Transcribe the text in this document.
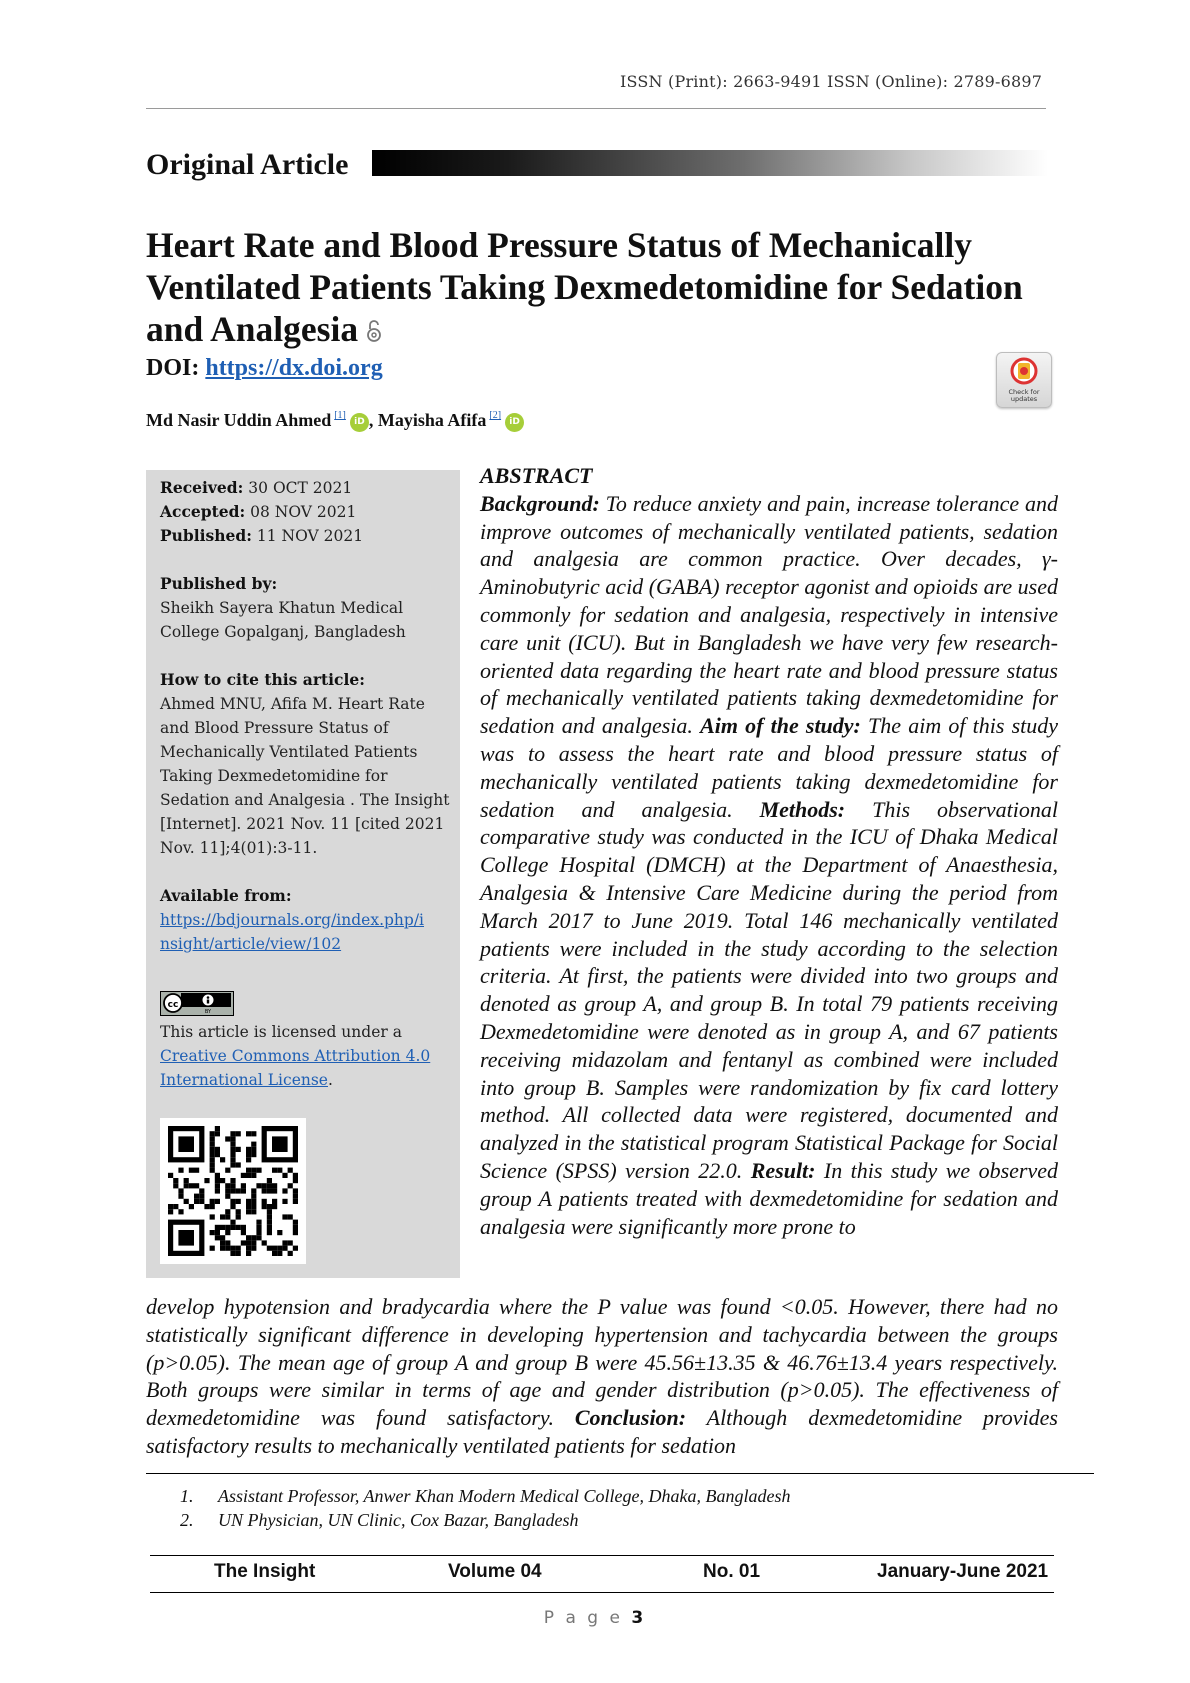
ISSN (Print): 2663-9491 ISSN (Online): 2789-6897
Original Article
Heart Rate and Blood Pressure Status of Mechanically Ventilated Patients Taking Dexmedetomidine for Sedation and Analgesia
DOI: https://dx.doi.org
Check for updates
Md Nasir Uddin Ahmed [1]iD , Mayisha Afifa [2]iD
Received: 30 OCT 2021
Accepted: 08 NOV 2021
Published: 11 NOV 2021
Published by:
Sheikh Sayera Khatun Medical
College Gopalganj, Bangladesh
How to cite this article:
Ahmed MNU, Afifa M. Heart Rate
and Blood Pressure Status of
Mechanically Ventilated Patients
Taking Dexmedetomidine for
Sedation and Analgesia . The Insight
[Internet]. 2021 Nov. 11 [cited 2021
Nov. 11];4(01):3-11.
Available from:
https://bdjournals.org/index.php/i
nsight/article/view/102
cc
BY
This article is licensed under a
Creative Commons Attribution 4.0
International License.
ABSTRACT
Background: To reduce anxiety and pain, increase tolerance and improve outcomes of mechanically ventilated patients, sedation and analgesia are common practice. Over decades, γ-Aminobutyric acid (GABA) receptor agonist and opioids are used commonly for sedation and analgesia, respectively in intensive care unit (ICU). But in Bangladesh we have very few research-oriented data regarding the heart rate and blood pressure status of mechanically ventilated patients taking dexmedetomidine for sedation and analgesia. Aim of the study: The aim of this study was to assess the heart rate and blood pressure status of mechanically ventilated patients taking dexmedetomidine for sedation and analgesia. Methods: This observational comparative study was conducted in the ICU of Dhaka Medical College Hospital (DMCH) at the Department of Anaesthesia, Analgesia & Intensive Care Medicine during the period from March 2017 to June 2019. Total 146 mechanically ventilated patients were included in the study according to the selection criteria. At first, the patients were divided into two groups and denoted as group A, and group B. In total 79 patients receiving Dexmedetomidine were denoted as in group A, and 67 patients receiving midazolam and fentanyl as combined were included into group B. Samples were randomization by fix card lottery method. All collected data were registered, documented and analyzed in the statistical program Statistical Package for Social Science (SPSS) version 22.0. Result: In this study we observed group A patients treated with dexmedetomidine for sedation and analgesia were significantly more prone to
develop hypotension and bradycardia where the P value was found <0.05. However, there had no statistically significant difference in developing hypertension and tachycardia between the groups (p>0.05). The mean age of group A and group B were 45.56±13.35 & 46.76±13.4 years respectively. Both groups were similar in terms of age and gender distribution (p>0.05). The effectiveness of dexmedetomidine was found satisfactory. Conclusion: Although dexmedetomidine provides satisfactory results to mechanically ventilated patients for sedation
1. Assistant Professor, Anwer Khan Modern Medical College, Dhaka, Bangladesh
2. UN Physician, UN Clinic, Cox Bazar, Bangladesh
The Insight	Volume 04	No. 01	January-June 2021
P a g e 3
